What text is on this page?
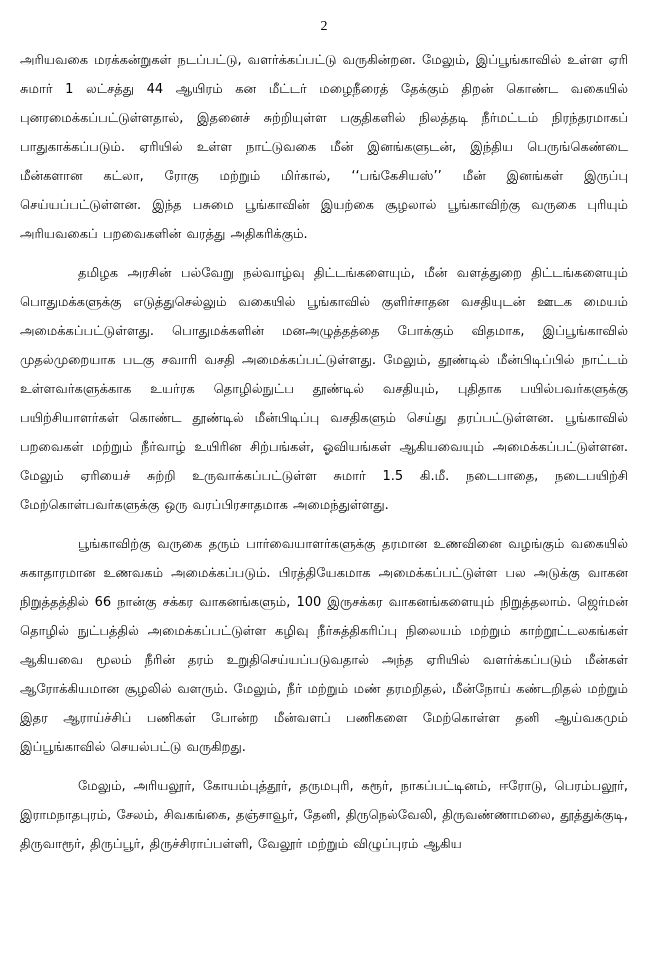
2

அரியவகை மரக்கன்றுகள் நடப்பட்டு, வளர்க்கப்பட்டு வருகின்றன. மேலும், இப்பூங்காவில் உள்ள ஏரி சுமார் 1 லட்சத்து 44 ஆயிரம் கன மீட்டர் மழைநீரைத் தேக்கும் திறன் கொண்ட வகையில் புனரமைக்கப்பட்டுள்ளதால், இதனைச் சுற்றியுள்ள பகுதிகளில் நிலத்தடி நீர்மட்டம் நிரந்தரமாகப் பாதுகாக்கப்படும். ஏரியில் உள்ள நாட்டுவகை மீன் இனங்களுடன், இந்திய பெருங்கெண்டை மீன்களான கட்லா, ரோகு மற்றும் மிர்கால், ‘‘பங்கேசியஸ்’’ மீன் இனங்கள் இருப்பு செய்யப்பட்டுள்ளன. இந்த பசுமை பூங்காவின் இயற்கை சூழலால் பூங்காவிற்கு வருகை புரியும் அரியவகைப் பறவைகளின் வரத்து அதிகரிக்கும்.

தமிழக அரசின் பல்வேறு நல்வாழ்வு திட்டங்களையும், மீன் வளத்துறை திட்டங்களையும் பொதுமக்களுக்கு எடுத்துசெல்லும் வகையில் பூங்காவில் குளிர்சாதன வசதியுடன் ஊடக மையம் அமைக்கப்பட்டுள்ளது. பொதுமக்களின் மனஅழுத்தத்தை போக்கும் விதமாக, இப்பூங்காவில் முதல்முறையாக படகு சவாரி வசதி அமைக்கப்பட்டுள்ளது. மேலும், தூண்டில் மீன்பிடிப்பில் நாட்டம் உள்ளவர்களுக்காக உயர்ரக தொழில்நுட்ப தூண்டில் வசதியும், புதிதாக பயில்பவர்களுக்கு பயிற்சியாளர்கள் கொண்ட தூண்டில் மீன்பிடிப்பு வசதிகளும் செய்து தரப்பட்டுள்ளன. பூங்காவில் பறவைகள் மற்றும் நீர்வாழ் உயிரின சிற்பங்கள், ஓவியங்கள் ஆகியவையும் அமைக்கப்பட்டுள்ளன. மேலும் ஏரியைச் சுற்றி உருவாக்கப்பட்டுள்ள சுமார் 1.5 கி.மீ. நடைபாதை, நடைபயிற்சி மேற்கொள்பவர்களுக்கு ஒரு வரப்பிரசாதமாக அமைந்துள்ளது.

பூங்காவிற்கு வருகை தரும் பார்வையாளர்களுக்கு தரமான உணவினை வழங்கும் வகையில் சுகாதாரமான உணவகம் அமைக்கப்படும். பிரத்தியேகமாக அமைக்கப்பட்டுள்ள பல அடுக்கு வாகன நிறுத்தத்தில் 66 நான்கு சக்கர வாகனங்களும், 100 இருசக்கர வாகனங்களையும் நிறுத்தலாம். ஜெர்மன் தொழில் நுட்பத்தில் அமைக்கப்பட்டுள்ள கழிவு நீர்சுத்திகரிப்பு நிலையம் மற்றும் காற்றூட்டலகங்கள் ஆகியவை மூலம் நீரின் தரம் உறுதிசெய்யப்படுவதால் அந்த ஏரியில் வளர்க்கப்படும் மீன்கள் ஆரோக்கியமான சூழலில் வளரும். மேலும், நீர் மற்றும் மண் தரமறிதல், மீன்நோய் கண்டறிதல் மற்றும் இதர ஆராய்ச்சிப் பணிகள் போன்ற மீன்வளப் பணிகளை மேற்கொள்ள தனி ஆய்வகமும் இப்பூங்காவில் செயல்பட்டு வருகிறது.

மேலும், அரியலூர், கோயம்புத்தூர், தருமபுரி, கரூர், நாகப்பட்டினம், ஈரோடு, பெரம்பலூர், இராமநாதபுரம், சேலம், சிவகங்கை, தஞ்சாவூர், தேனி, திருநெல்வேலி, திருவண்ணாமலை, தூத்துக்குடி, திருவாரூர், திருப்பூர், திருச்சிராப்பள்ளி, வேலூர் மற்றும் விழுப்புரம் ஆகிய
